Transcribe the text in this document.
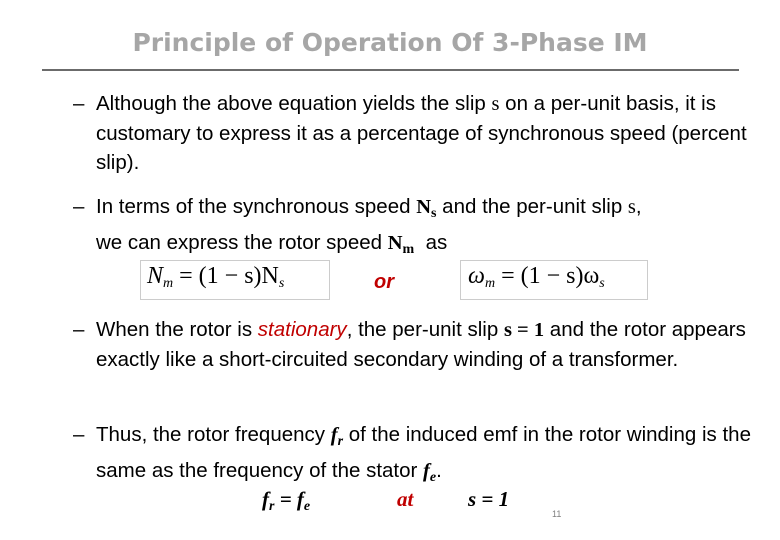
Principle of Operation Of 3-Phase IM
– Although the above equation yields the slip s on a per-unit basis, it is customary to express it as a percentage of synchronous speed (percent slip).
– In terms of the synchronous speed $N_s$ and the per-unit slip s,
we can express the rotor speed $N_m$ as
Nm = (1 − s)Ns	or	ωm = (1 − s)ωs
– When the rotor is stationary, the per-unit slip s = 1 and the rotor appears exactly like a short-circuited secondary winding of a transformer.
– Thus, the rotor frequency $f_r$ of the induced emf in the rotor winding is the same as the frequency of the stator $f_e$.
fr = fe	at	s = 1
11
